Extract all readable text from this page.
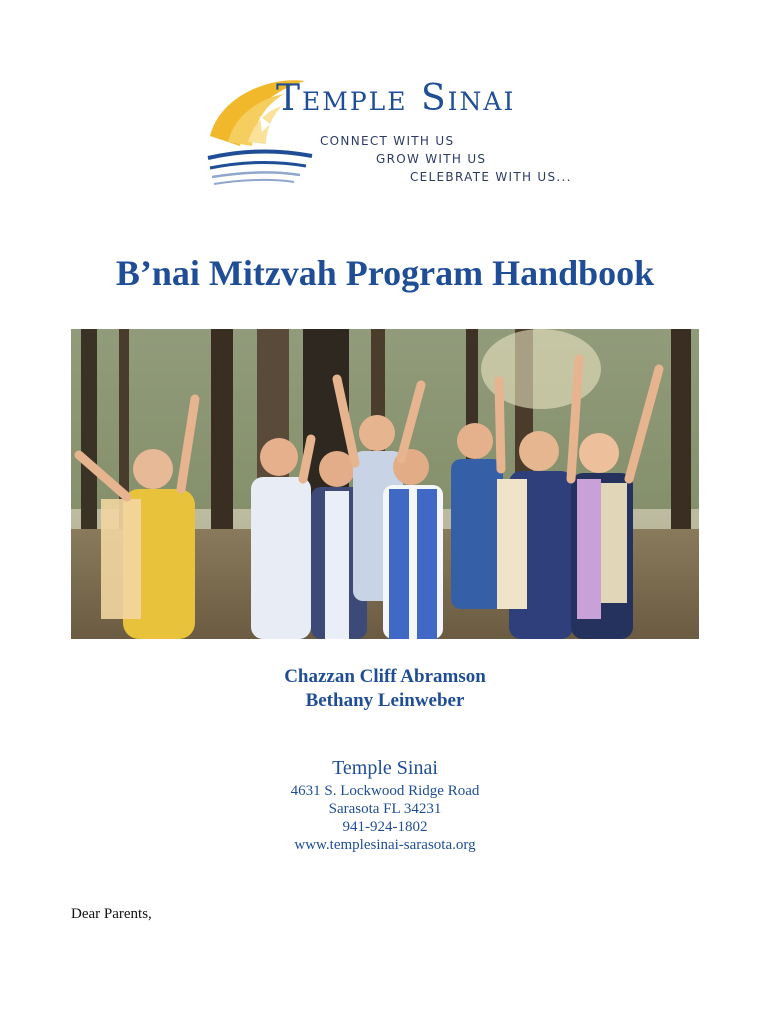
Temple Sinai
CONNECT WITH US
GROW WITH US
CELEBRATE WITH US...
B’nai Mitzvah Program Handbook
Chazzan Cliff Abramson
Bethany Leinweber
Temple Sinai
4631 S. Lockwood Ridge Road
Sarasota FL 34231
941-924-1802
www.templesinai-sarasota.org
Dear Parents,
